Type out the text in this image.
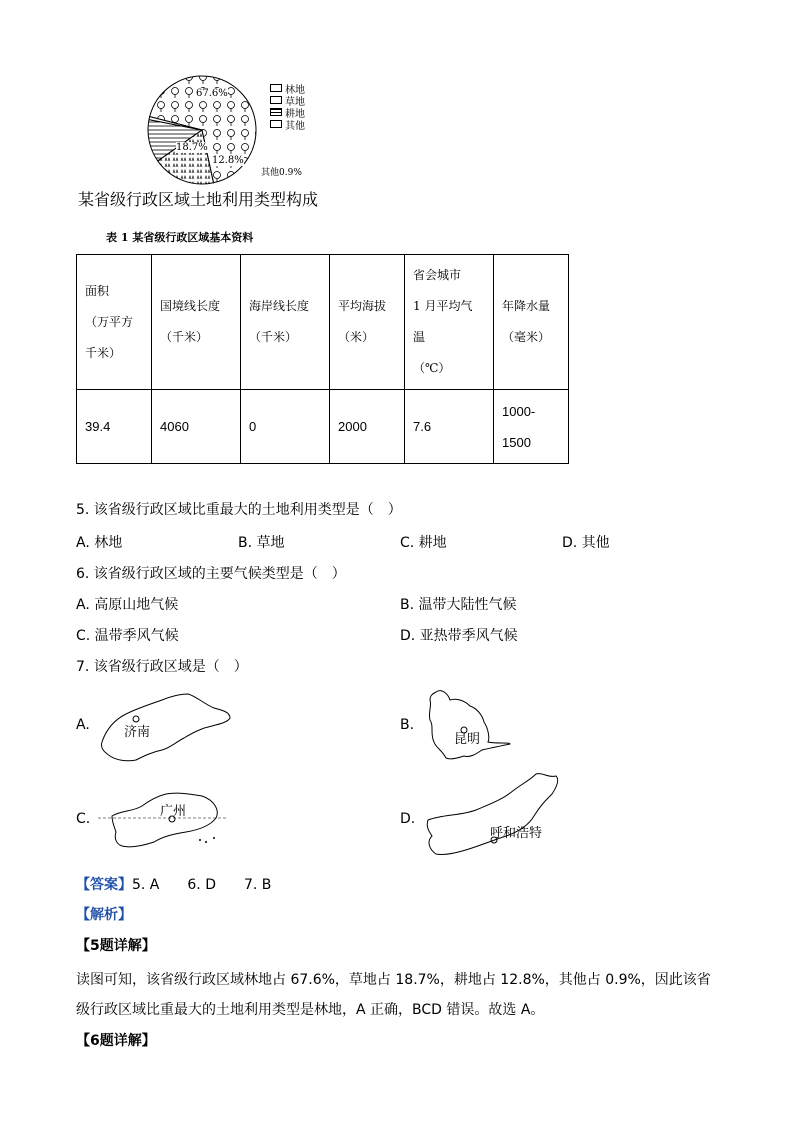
67.6%
18.7%
12.8%
其他0.9%
林地
草地
耕地
其他
某省级行政区域土地利用类型构成
表 1 某省级行政区域基本资料
面积
（万平方
千米）	国境线长度
（千米）	海岸线长度
（千米）	平均海拔
（米）	省会城市
1 月平均气
温
（℃）	年降水量
（毫米）

39.4	4060	0	2000	7.6	1000-
1500
5. 该省级行政区域比重最大的土地利用类型是（　）
A. 林地	B. 草地	C. 耕地	D. 其他
6. 该省级行政区域的主要气候类型是（　）
A. 高原山地气候	B. 温带大陆性气候
C. 温带季风气候	D. 亚热带季风气候
7. 该省级行政区域是（　）
A.	济南	B.
昆明
C.	广州	D.
呼和浩特
【答案】5. A　　6. D　　7. B
【解析】
【5题详解】
读图可知，该省级行政区域林地占 67.6%，草地占 18.7%，耕地占 12.8%，其他占 0.9%，因此该省级行政区域比重最大的土地利用类型是林地，A 正确，BCD 错误。故选 A。
【6题详解】
